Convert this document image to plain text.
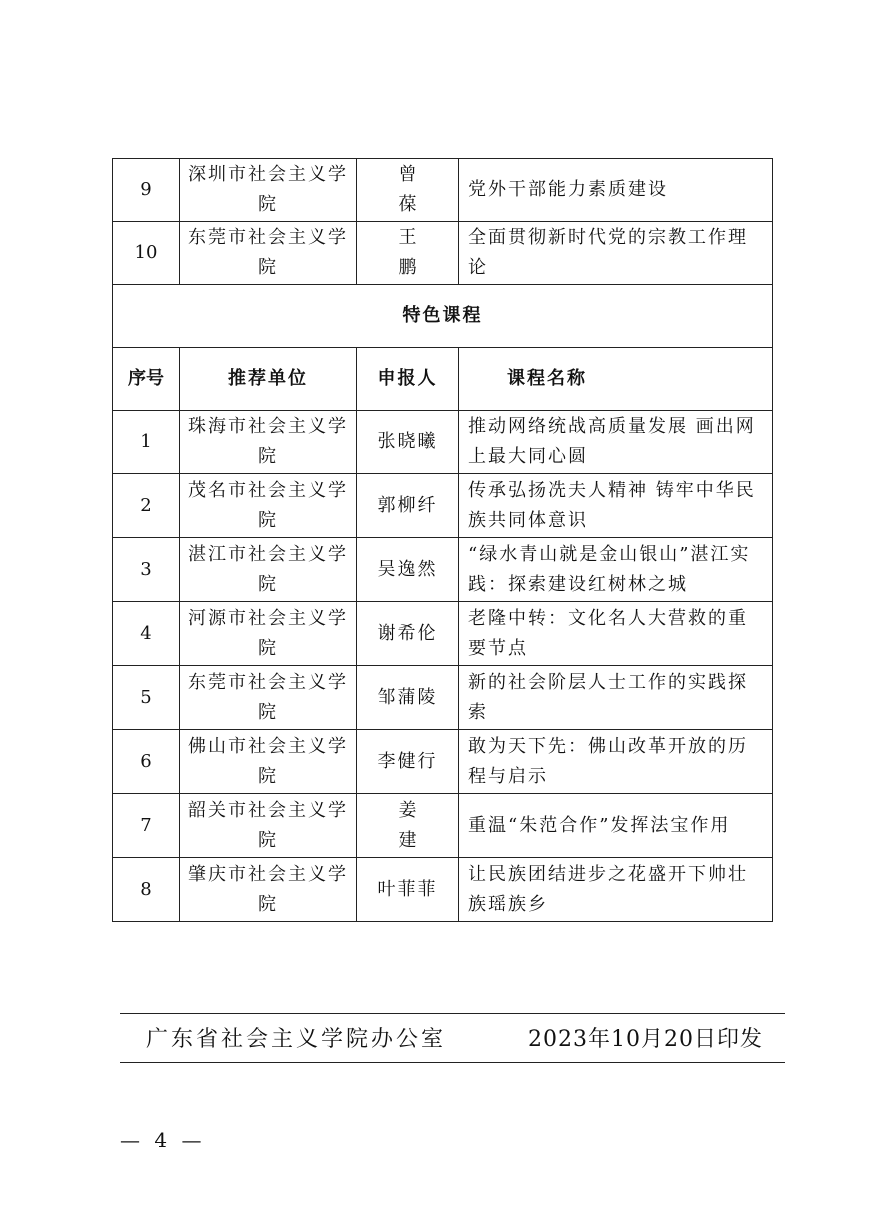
9	深圳市社会主义学院	曾 葆	党外干部能力素质建设
10	东莞市社会主义学院	王 鹏	全面贯彻新时代党的宗教工作理论
特色课程			
序号	推荐单位	申报人	课程名称
1	珠海市社会主义学院	张晓曦	推动网络统战高质量发展 画出网上最大同心圆
2	茂名市社会主义学院	郭柳纤	传承弘扬冼夫人精神 铸牢中华民族共同体意识
3	湛江市社会主义学院	吴逸然	“绿水青山就是金山银山”湛江实践：探索建设红树林之城
4	河源市社会主义学院	谢希伦	老隆中转：文化名人大营救的重要节点
5	东莞市社会主义学院	邹蒲陵	新的社会阶层人士工作的实践探索
6	佛山市社会主义学院	李健行	敢为天下先：佛山改革开放的历程与启示
7	韶关市社会主义学院	姜 建	重温“朱范合作”发挥法宝作用
8	肇庆市社会主义学院	叶菲菲	让民族团结进步之花盛开下帅壮族瑶族乡
广东省社会主义学院办公室	2023年10月20日印发
— 4 —
